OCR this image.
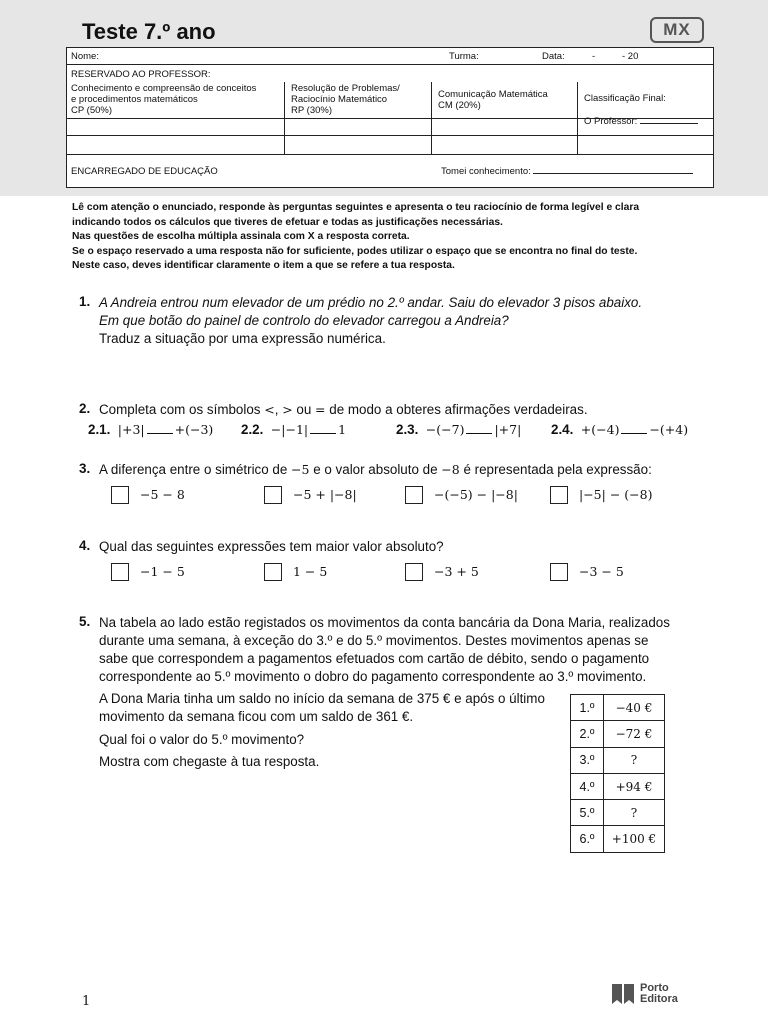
Teste 7.º ano	MX
Nome:	Turma:	Data:	-	- 20
RESERVADO AO PROFESSOR:
Conhecimento e compreensão de conceitos
e procedimentos matemáticos
CP (50%)
Resolução de Problemas/
Raciocínio Matemático
RP (30%)
Comunicação Matemática
CM (20%)
Classificação Final:
O Professor:
ENCARREGADO DE EDUCAÇÃO	Tomei conhecimento:
Lê com atenção o enunciado, responde às perguntas seguintes e apresenta o teu raciocínio de forma legível e clara
indicando todos os cálculos que tiveres de efetuar e todas as justificações necessárias.
Nas questões de escolha múltipla assinala com X a resposta correta.
Se o espaço reservado a uma resposta não for suficiente, podes utilizar o espaço que se encontra no final do teste.
Neste caso, deves identificar claramente o item a que se refere a tua resposta.
1. A Andreia entrou num elevador de um prédio no 2.º andar. Saiu do elevador 3 pisos abaixo.
Em que botão do painel de controlo do elevador carregou a Andreia?
Traduz a situação por uma expressão numérica.
2. Completa com os símbolos <, > ou = de modo a obteres afirmações verdadeiras.
2.1. |+3| +(−3) 2.2. −|−1| 1	2.3. −(−7) |+7| 2.4. +(−4) −(+4)
3. A diferença entre o simétrico de −5 e o valor absoluto de −8 é representada pela expressão:
−5 − 8	−5 + |−8|	−(−5) − |−8|	|−5| − (−8)
4. Qual das seguintes expressões tem maior valor absoluto?
−1 − 5	1 − 5	−3 + 5	−3 − 5
5. Na tabela ao lado estão registados os movimentos da conta bancária da Dona Maria, realizados
durante uma semana, à exceção do 3.º e do 5.º movimentos. Destes movimentos apenas se
sabe que correspondem a pagamentos efetuados com cartão de débito, sendo o pagamento
correspondente ao 5.º movimento o dobro do pagamento correspondente ao 3.º movimento.
A Dona Maria tinha um saldo no início da semana de 375 € e após o último
movimento da semana ficou com um saldo de 361 €.
Qual foi o valor do 5.º movimento?
Mostra com chegaste à tua resposta.
1.º	−40 €
2.º	−72 €
3.º	?
4.º	+94 €
5.º	?
6.º	+100 €
1
Porto
Editora
